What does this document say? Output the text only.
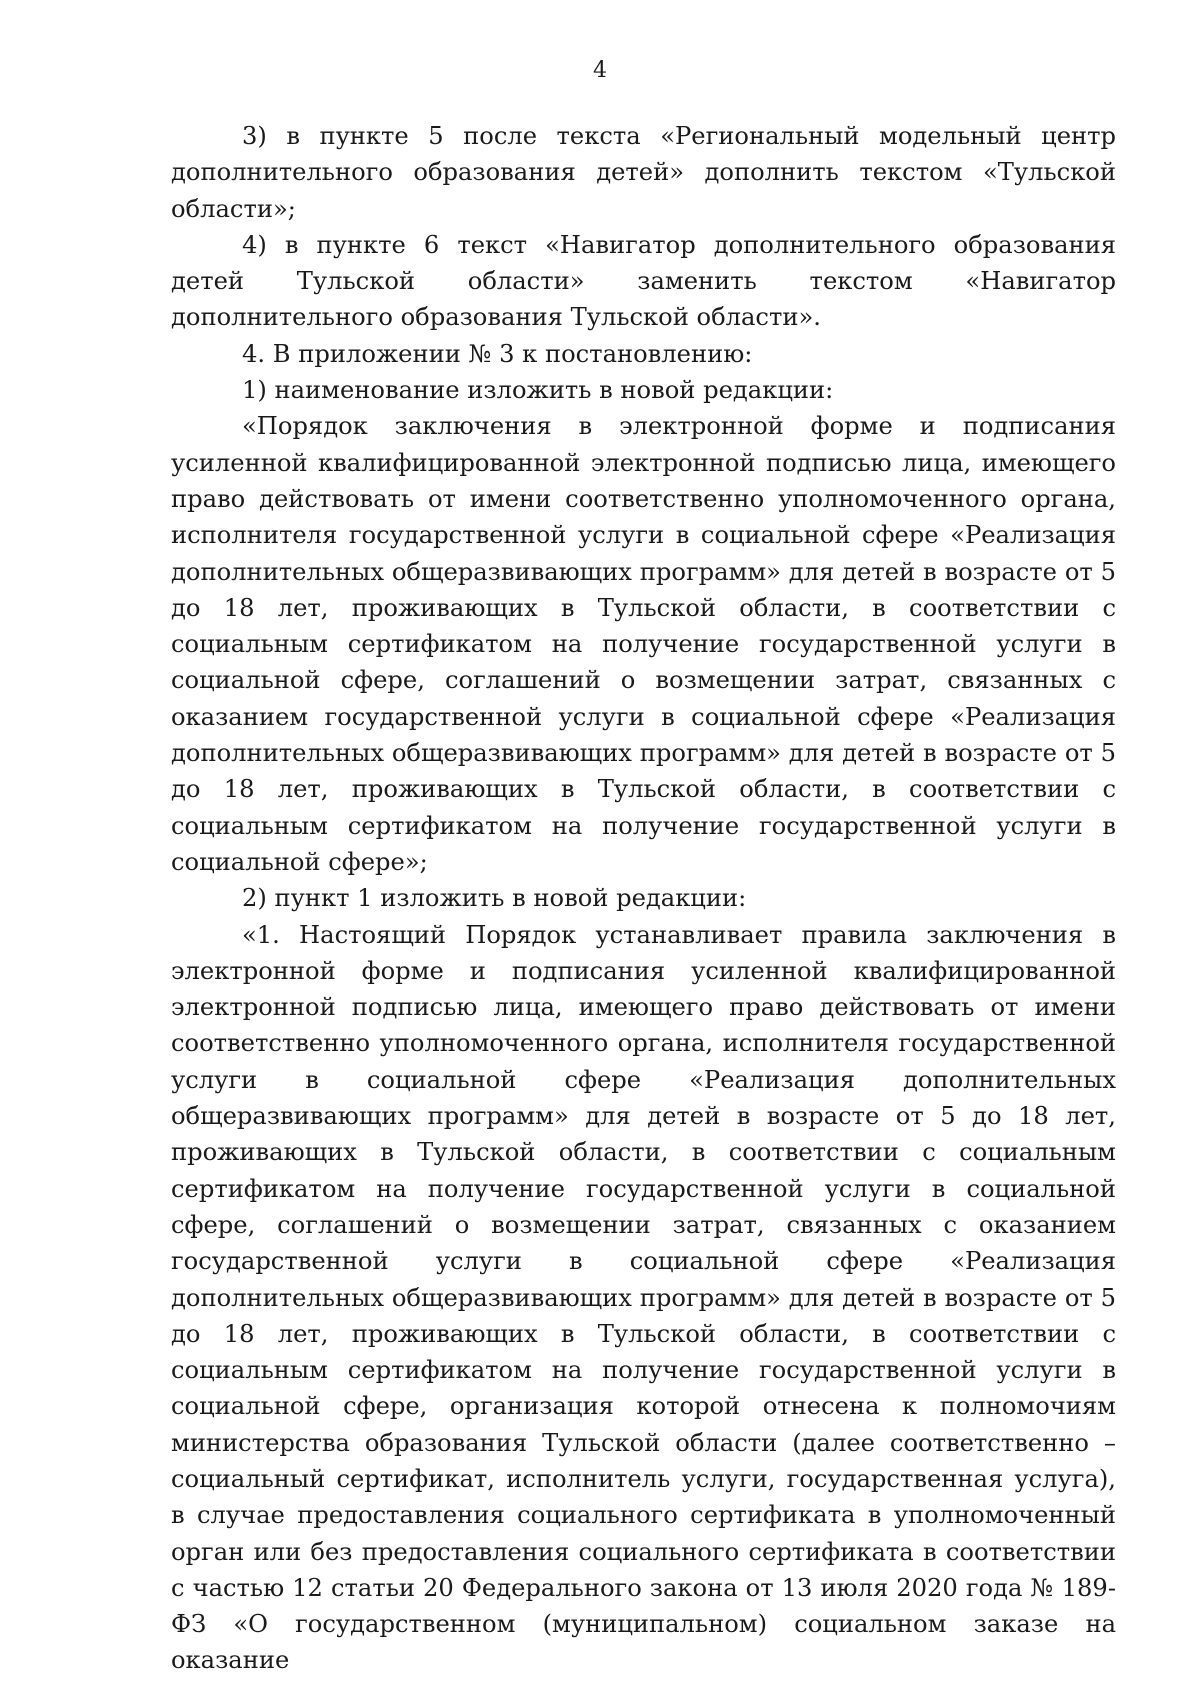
4

3) в пункте 5 после текста «Региональный модельный центр дополнительного образования детей» дополнить текстом «Тульской области»;

4) в пункте 6 текст «Навигатор дополнительного образования детей Тульской области» заменить текстом «Навигатор дополнительного образования Тульской области».

4. В приложении № 3 к постановлению:

1) наименование изложить в новой редакции:

«Порядок заключения в электронной форме и подписания усиленной квалифицированной электронной подписью лица, имеющего право действовать от имени соответственно уполномоченного органа, исполнителя государственной услуги в социальной сфере «Реализация дополнительных общеразвивающих программ» для детей в возрасте от 5 до 18 лет, проживающих в Тульской области, в соответствии с социальным сертификатом на получение государственной услуги в социальной сфере, соглашений о возмещении затрат, связанных с оказанием государственной услуги в социальной сфере «Реализация дополнительных общеразвивающих программ» для детей в возрасте от 5 до 18 лет, проживающих в Тульской области, в соответствии с социальным сертификатом на получение государственной услуги в социальной сфере»;

2) пункт 1 изложить в новой редакции:

«1. Настоящий Порядок устанавливает правила заключения в электронной форме и подписания усиленной квалифицированной электронной подписью лица, имеющего право действовать от имени соответственно уполномоченного органа, исполнителя государственной услуги в социальной сфере «Реализация дополнительных общеразвивающих программ» для детей в возрасте от 5 до 18 лет, проживающих в Тульской области, в соответствии с социальным сертификатом на получение государственной услуги в социальной сфере, соглашений о возмещении затрат, связанных с оказанием государственной услуги в социальной сфере «Реализация дополнительных общеразвивающих программ» для детей в возрасте от 5 до 18 лет, проживающих в Тульской области, в соответствии с социальным сертификатом на получение государственной услуги в социальной сфере, организация которой отнесена к полномочиям министерства образования Тульской области (далее соответственно – социальный сертификат, исполнитель услуги, государственная услуга), в случае предоставления социального сертификата в уполномоченный орган или без предоставления социального сертификата в соответствии с частью 12 статьи 20 Федерального закона от 13 июля 2020 года № 189-ФЗ «О государственном (муниципальном) социальном заказе на оказание
